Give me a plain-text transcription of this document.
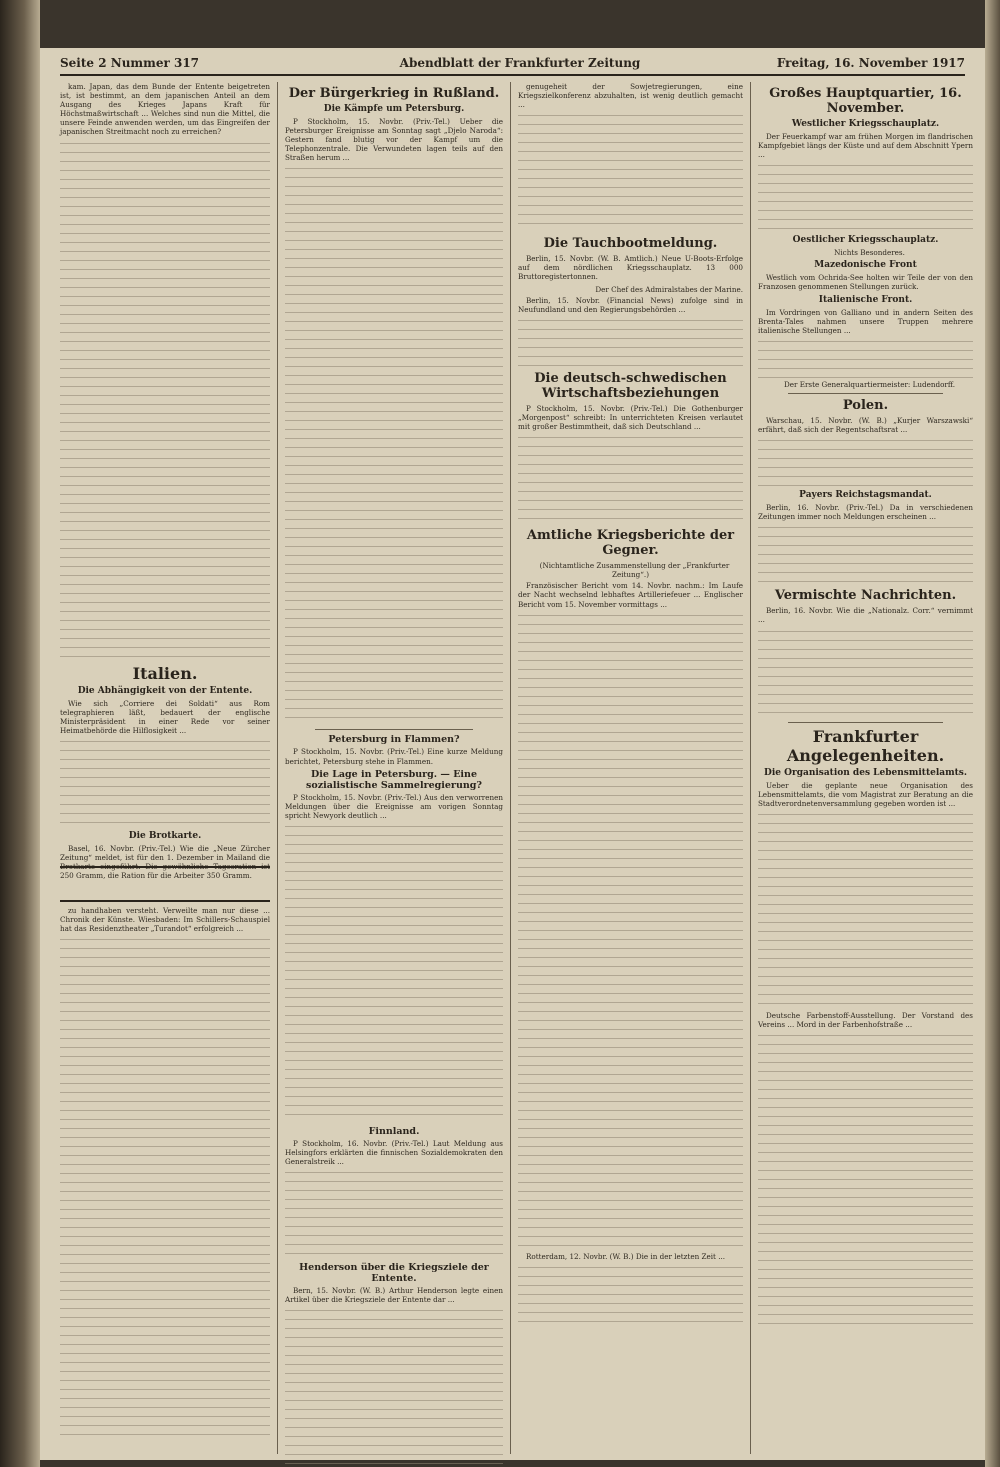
Seite 2 Nummer 317	Abendblatt der Frankfurter Zeitung	Freitag, 16. November 1917

kam. Japan, das dem Bunde der Entente beigetreten ist, ist bestimmt, an dem japanischen Anteil an dem Ausgang des Krieges Japans Kraft für Höchstmaßwirtschaft ... Welches sind nun die Mittel, die unsere Feinde anwenden werden, um das Eingreifen der japanischen Streitmacht noch zu erreichen?

Italien.
Die Abhängigkeit von der Entente.

Wie sich „Corriere dei Soldati“ aus Rom telegraphieren läßt, bedauert der englische Ministerpräsident in einer Rede vor seiner Heimatbehörde die Hilflosigkeit ...

Die Brotkarte.

Basel, 16. Novbr. (Priv.-Tel.) Wie die „Neue Zürcher Zeitung“ meldet, ist für den 1. Dezember in Mailand die Brotkarte eingeführt. Die gewöhnliche Tagesration ist 250 Gramm, die Ration für die Arbeiter 350 Gramm.

zu handhaben versteht. Verweilte man nur diese ... Chronik der Künste. Wiesbaden: Im Schillers-Schauspiel hat das Residenztheater „Turandot“ erfolgreich ...

Der Bürgerkrieg in Rußland.
Die Kämpfe um Petersburg.

P Stockholm, 15. Novbr. (Priv.-Tel.) Ueber die Petersburger Ereignisse am Sonntag sagt „Djelo Naroda“: Gestern fand blutig vor der Kampf um die Telephonzentrale. Die Verwundeten lagen teils auf den Straßen herum ...

Petersburg in Flammen?

P Stockholm, 15. Novbr. (Priv.-Tel.) Eine kurze Meldung berichtet, Petersburg stehe in Flammen.

Die Lage in Petersburg. — Eine sozialistische Sammelregierung?

P Stockholm, 15. Novbr. (Priv.-Tel.) Aus den verworrenen Meldungen über die Ereignisse am vorigen Sonntag spricht Newyork deutlich ...

Finnland.

P Stockholm, 16. Novbr. (Priv.-Tel.) Laut Meldung aus Helsingfors erklärten die finnischen Sozialdemokraten den Generalstreik ...

Henderson über die Kriegsziele der Entente.

Bern, 15. Novbr. (W. B.) Arthur Henderson legte einen Artikel über die Kriegsziele der Entente dar ...

genugeheit der Sowjetregierungen, eine Kriegszielkonferenz abzuhalten, ist wenig deutlich gemacht ...

Die Tauchbootmeldung.

Berlin, 15. Novbr. (W. B. Amtlich.) Neue U-Boots-Erfolge auf dem nördlichen Kriegsschauplatz. 13 000 Bruttoregistertonnen.

Der Chef des Admiralstabes der Marine.

Berlin, 15. Novbr. (Financial News) zufolge sind in Neufundland und den Regierungsbehörden ...

Die deutsch-schwedischen Wirtschaftsbeziehungen

P Stockholm, 15. Novbr. (Priv.-Tel.) Die Gothenburger „Morgenpost“ schreibt: In unterrichteten Kreisen verlautet mit großer Bestimmtheit, daß sich Deutschland ...

Amtliche Kriegsberichte der Gegner.

(Nichtamtliche Zusammenstellung der „Frankfurter Zeitung“.)

Französischer Bericht vom 14. Novbr. nachm.: Im Laufe der Nacht wechselnd lebhaftes Artilleriefeuer ... Englischer Bericht vom 15. November vormittags ...

Rotterdam, 12. Novbr. (W. B.) Die in der letzten Zeit ...

Großes Hauptquartier, 16. November.
Westlicher Kriegsschauplatz.

Der Feuerkampf war am frühen Morgen im flandrischen Kampfgebiet längs der Küste und auf dem Abschnitt Ypern ...

Oestlicher Kriegsschauplatz.

Nichts Besonderes.

Mazedonische Front

Westlich vom Ochrida-See holten wir Teile der von den Franzosen genommenen Stellungen zurück.

Italienische Front.

Im Vordringen von Galliano und in andern Seiten des Brenta-Tales nahmen unsere Truppen mehrere italienische Stellungen ...

Der Erste Generalquartiermeister: Ludendorff.

Polen.

Warschau, 15. Novbr. (W. B.) „Kurjer Warszawski“ erfährt, daß sich der Regentschaftsrat ...

Payers Reichstagsmandat.

Berlin, 16. Novbr. (Priv.-Tel.) Da in verschiedenen Zeitungen immer noch Meldungen erscheinen ...

Vermischte Nachrichten.

Berlin, 16. Novbr. Wie die „Nationalz. Corr.“ vernimmt ...

Frankfurter Angelegenheiten.
Die Organisation des Lebensmittelamts.

Ueber die geplante neue Organisation des Lebensmittelamts, die vom Magistrat zur Beratung an die Stadtverordnetenversammlung gegeben worden ist ...

Deutsche Farbenstoff-Ausstellung. Der Vorstand des Vereins ... Mord in der Farbenhofstraße ...
